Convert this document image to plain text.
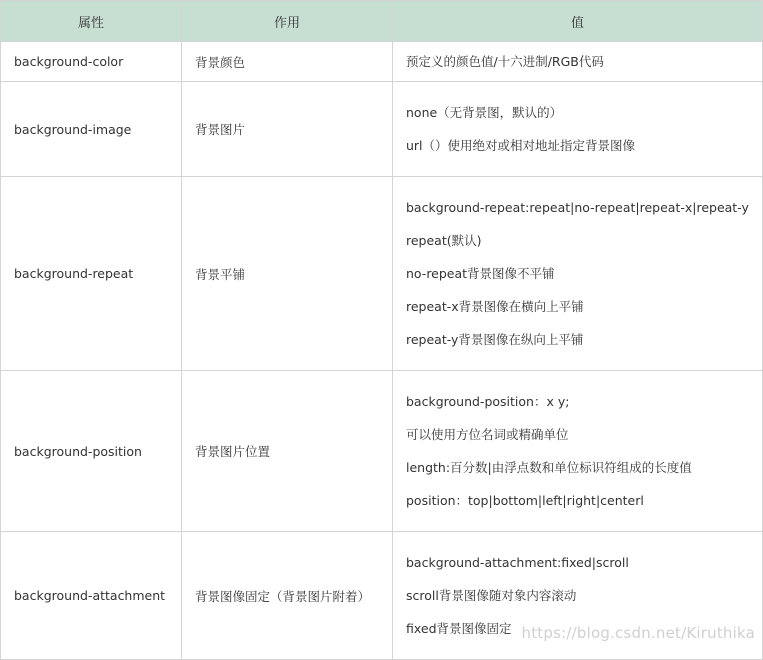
属性	作用	值
background-color	背景颜色	预定义的颜色值/十六进制/RGB代码

background-image	背景图片	none（无背景图，默认的）
url（）使用绝对或相对地址指定背景图像

background-repeat	背景平铺	background-repeat:repeat|no-repeat|repeat-x|repeat-y
repeat(默认)
no-repeat背景图像不平铺
repeat-x背景图像在横向上平铺
repeat-y背景图像在纵向上平铺

background-position	背景图片位置	background-position：x y;
可以使用方位名词或精确单位
length:百分数|由浮点数和单位标识符组成的长度值
position：top|bottom|left|right|centerl

background-attachment	背景图像固定（背景图片附着）	background-attachment:fixed|scroll
scroll背景图像随对象内容滚动
fixed背景图像固定 https://blog.csdn.net/Kiruthika
